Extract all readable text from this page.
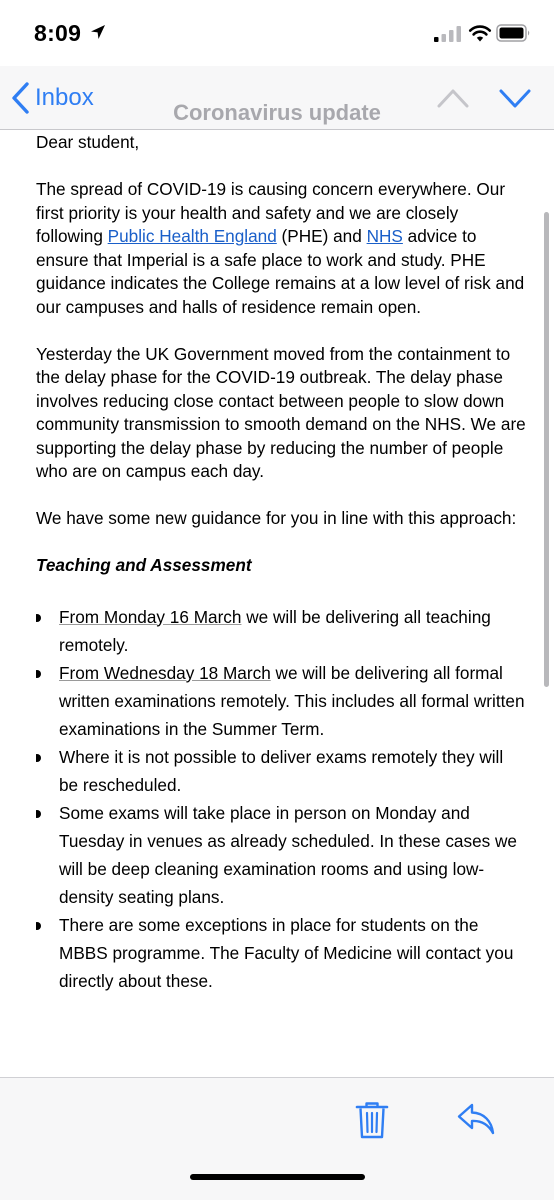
8:09
Inbox
Coronavirus update

Dear student,

The spread of COVID-19 is causing concern everywhere. Our first priority is your health and safety and we are closely following Public Health England (PHE) and NHS advice to ensure that Imperial is a safe place to work and study. PHE guidance indicates the College remains at a low level of risk and our campuses and halls of residence remain open.

Yesterday the UK Government moved from the containment to the delay phase for the COVID-19 outbreak. The delay phase involves reducing close contact between people to slow down community transmission to smooth demand on the NHS. We are supporting the delay phase by reducing the number of people who are on campus each day.

We have some new guidance for you in line with this approach:

Teaching and Assessment

From Monday 16 March we will be delivering all teaching remotely.
From Wednesday 18 March we will be delivering all formal written examinations remotely. This includes all formal written examinations in the Summer Term.
Where it is not possible to deliver exams remotely they will be rescheduled.
Some exams will take place in person on Monday and Tuesday in venues as already scheduled. In these cases we will be deep cleaning examination rooms and using low-density seating plans.
There are some exceptions in place for students on the MBBS programme. The Faculty of Medicine will contact you directly about these.
